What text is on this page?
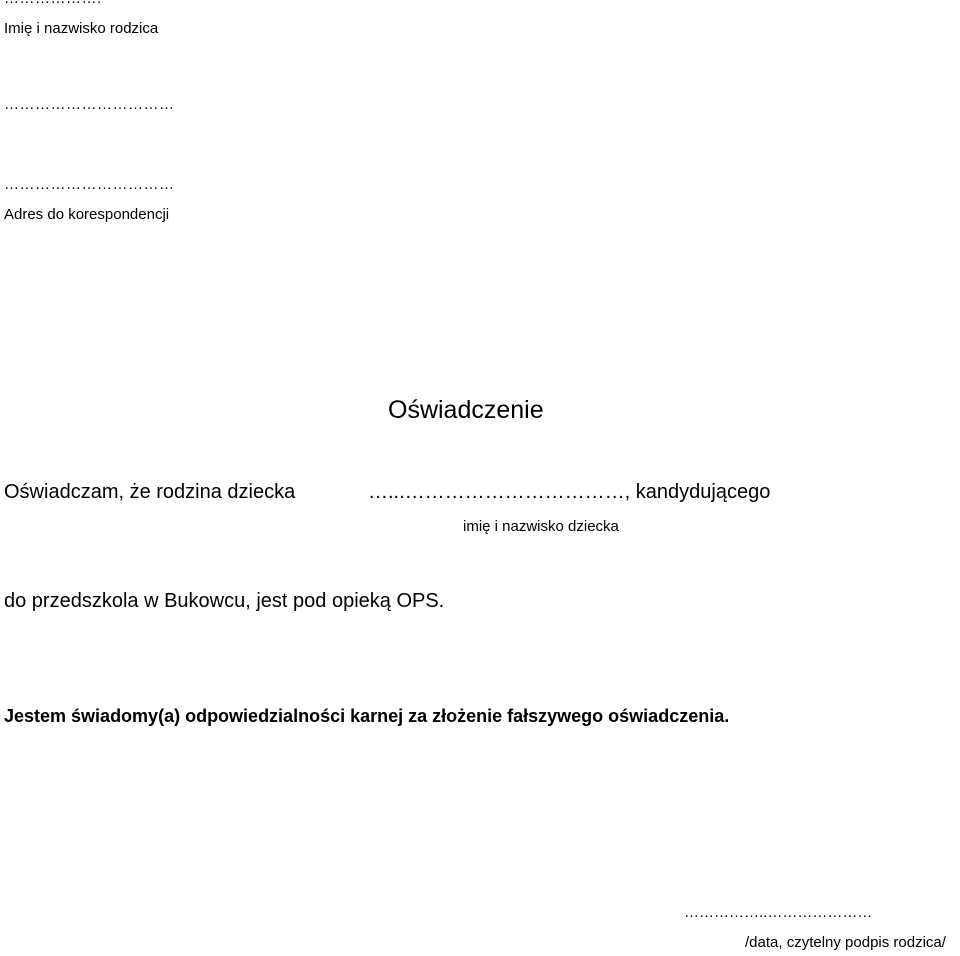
Imię i nazwisko rodzica
……………………………
……………………………
Adres do korespondencji
Oświadczenie
Oświadczam, że rodzina dziecka	…...……………………………, kandydującego
imię i nazwisko dziecka
do przedszkola w Bukowcu, jest pod opieką OPS.
Jestem świadomy(a) odpowiedzialności karnej za złożenie fałszywego oświadczenia.
……………..…………………
/data, czytelny podpis rodzica/
